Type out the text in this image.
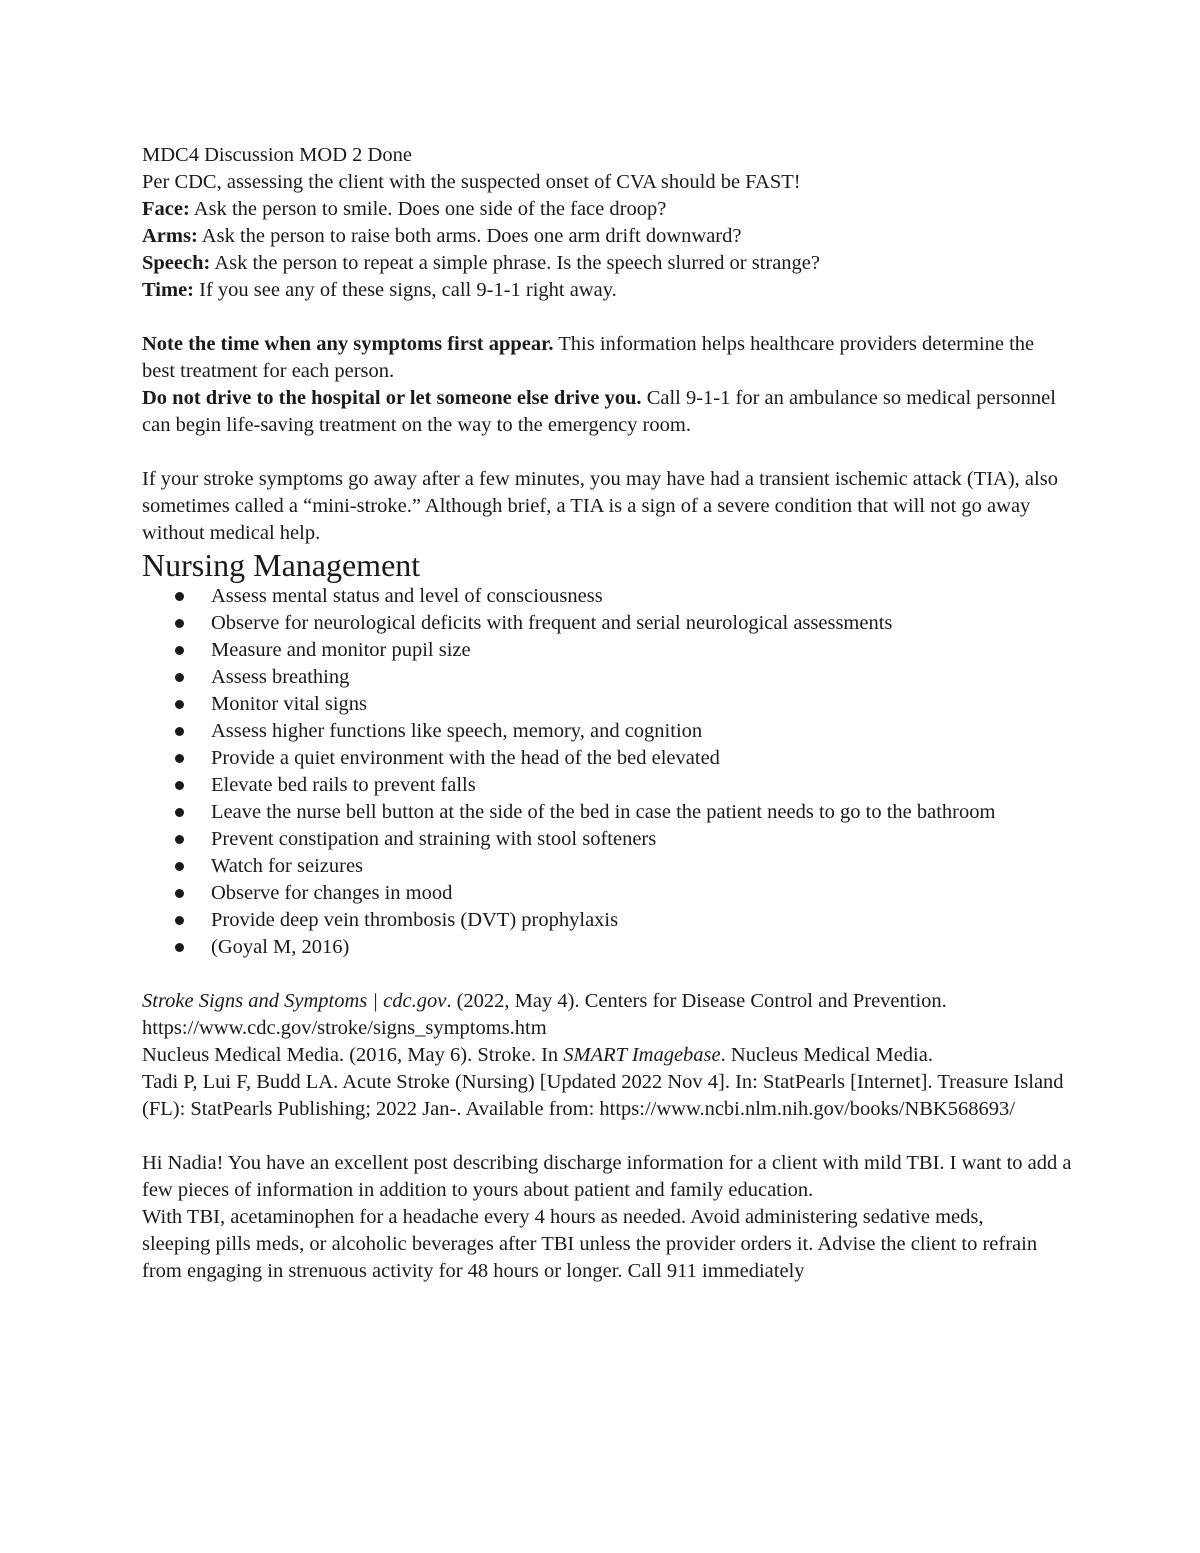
MDC4 Discussion MOD 2 Done

Per CDC, assessing the client with the suspected onset of CVA should be FAST!

Face: Ask the person to smile. Does one side of the face droop?

Arms: Ask the person to raise both arms. Does one arm drift downward?

Speech: Ask the person to repeat a simple phrase. Is the speech slurred or strange?

Time: If you see any of these signs, call 9-1-1 right away.

Note the time when any symptoms first appear. This information helps healthcare providers determine the best treatment for each person.

Do not drive to the hospital or let someone else drive you. Call 9-1-1 for an ambulance so medical personnel can begin life-saving treatment on the way to the emergency room.

If your stroke symptoms go away after a few minutes, you may have had a transient ischemic attack (TIA), also sometimes called a “mini-stroke.” Although brief, a TIA is a sign of a severe condition that will not go away without medical help.

Nursing Management
Assess mental status and level of consciousness
Observe for neurological deficits with frequent and serial neurological assessments
Measure and monitor pupil size
Assess breathing
Monitor vital signs
Assess higher functions like speech, memory, and cognition
Provide a quiet environment with the head of the bed elevated
Elevate bed rails to prevent falls
Leave the nurse bell button at the side of the bed in case the patient needs to go to the bathroom
Prevent constipation and straining with stool softeners
Watch for seizures
Observe for changes in mood
Provide deep vein thrombosis (DVT) prophylaxis
(Goyal M, 2016)

Stroke Signs and Symptoms | cdc.gov. (2022, May 4). Centers for Disease Control and Prevention. https://www.cdc.gov/stroke/signs_symptoms.htm

Nucleus Medical Media. (2016, May 6). Stroke. In SMART Imagebase. Nucleus Medical Media.

Tadi P, Lui F, Budd LA. Acute Stroke (Nursing) [Updated 2022 Nov 4]. In: StatPearls [Internet]. Treasure Island (FL): StatPearls Publishing; 2022 Jan-. Available from: https://www.ncbi.nlm.nih.gov/books/NBK568693/

Hi Nadia! You have an excellent post describing discharge information for a client with mild TBI. I want to add a few pieces of information in addition to yours about patient and family education.

With TBI, acetaminophen for a headache every 4 hours as needed. Avoid administering sedative meds,

sleeping pills meds, or alcoholic beverages after TBI unless the provider orders it. Advise the client to refrain from engaging in strenuous activity for 48 hours or longer. Call 911 immediately
